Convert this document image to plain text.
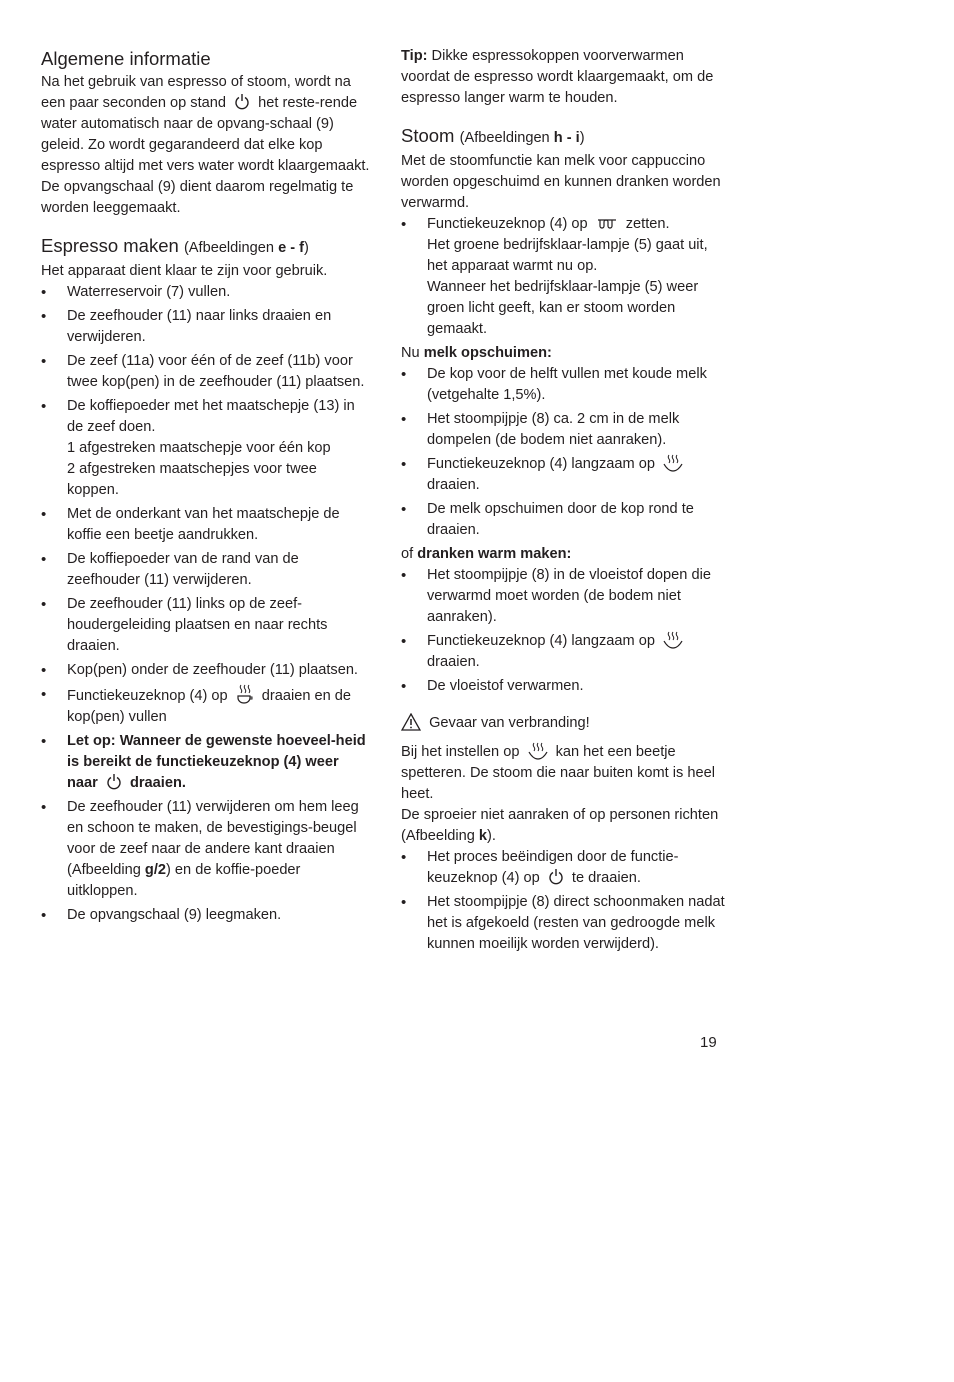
Algemene informatie

Na het gebruik van espresso of stoom, wordt na een paar seconden op stand het reste-rende water automatisch naar de opvang-schaal (9) geleid. Zo wordt gegarandeerd dat elke kop espresso altijd met vers water wordt klaargemaakt. De opvangschaal (9) dient daarom regelmatig te worden leeggemaakt.

Espresso maken (Afbeeldingen e - f)

Het apparaat dient klaar te zijn voor gebruik.

• Waterreservoir (7) vullen.
• De zeefhouder (11) naar links draaien en verwijderen.
• De zeef (11a) voor één of de zeef (11b) voor twee kop(pen) in de zeefhouder (11) plaatsen.
• De koffiepoeder met het maatschepje (13) in de zeef doen.
1 afgestreken maatschepje voor één kop
2 afgestreken maatschepjes voor twee koppen.
• Met de onderkant van het maatschepje de koffie een beetje aandrukken.
• De koffiepoeder van de rand van de zeefhouder (11) verwijderen.
• De zeefhouder (11) links op de zeef-houdergeleiding plaatsen en naar rechts draaien.
• Kop(pen) onder de zeefhouder (11) plaatsen.
• Functiekeuzeknop (4) op draaien en de kop(pen) vullen
• Let op: Wanneer de gewenste hoeveel-heid is bereikt de functiekeuzeknop (4) weer naar draaien.
• De zeefhouder (11) verwijderen om hem leeg en schoon te maken, de bevestigings-beugel voor de zeef naar de andere kant draaien (Afbeelding g/2) en de koffie-poeder uitkloppen.
• De opvangschaal (9) leegmaken.

Tip: Dikke espressokoppen voorverwarmen voordat de espresso wordt klaargemaakt, om de espresso langer warm te houden.

Stoom (Afbeeldingen h - i)

Met de stoomfunctie kan melk voor cappuccino worden opgeschuimd en kunnen dranken worden verwarmd.

• Functiekeuzeknop (4) op	zetten.
Het groene bedrijfsklaar-lampje (5) gaat uit, het apparaat warmt nu op.
Wanneer het bedrijfsklaar-lampje (5) weer groen licht geeft, kan er stoom worden gemaakt.

Nu melk opschuimen:

• De kop voor de helft vullen met koude melk (vetgehalte 1,5%).
• Het stoompijpje (8) ca. 2 cm in de melk dompelen (de bodem niet aanraken).
• Functiekeuzeknop (4) langzaam op  draaien.
• De melk opschuimen door de kop rond te draaien.

of dranken warm maken:

• Het stoompijpje (8) in de vloeistof dopen die verwarmd moet worden (de bodem niet aanraken).
• Functiekeuzeknop (4) langzaam op  draaien.
• De vloeistof verwarmen.

Gevaar van verbranding!

Bij het instellen op kan het een beetje spetteren. De stoom die naar buiten komt is heel heet.

De sproeier niet aanraken of op personen richten (Afbeelding k).

• Het proces beëindigen door de functie-keuzeknop (4) op te draaien.
• Het stoompijpje (8) direct schoonmaken nadat het is afgekoeld (resten van gedroogde melk kunnen moeilijk worden verwijderd).
19
